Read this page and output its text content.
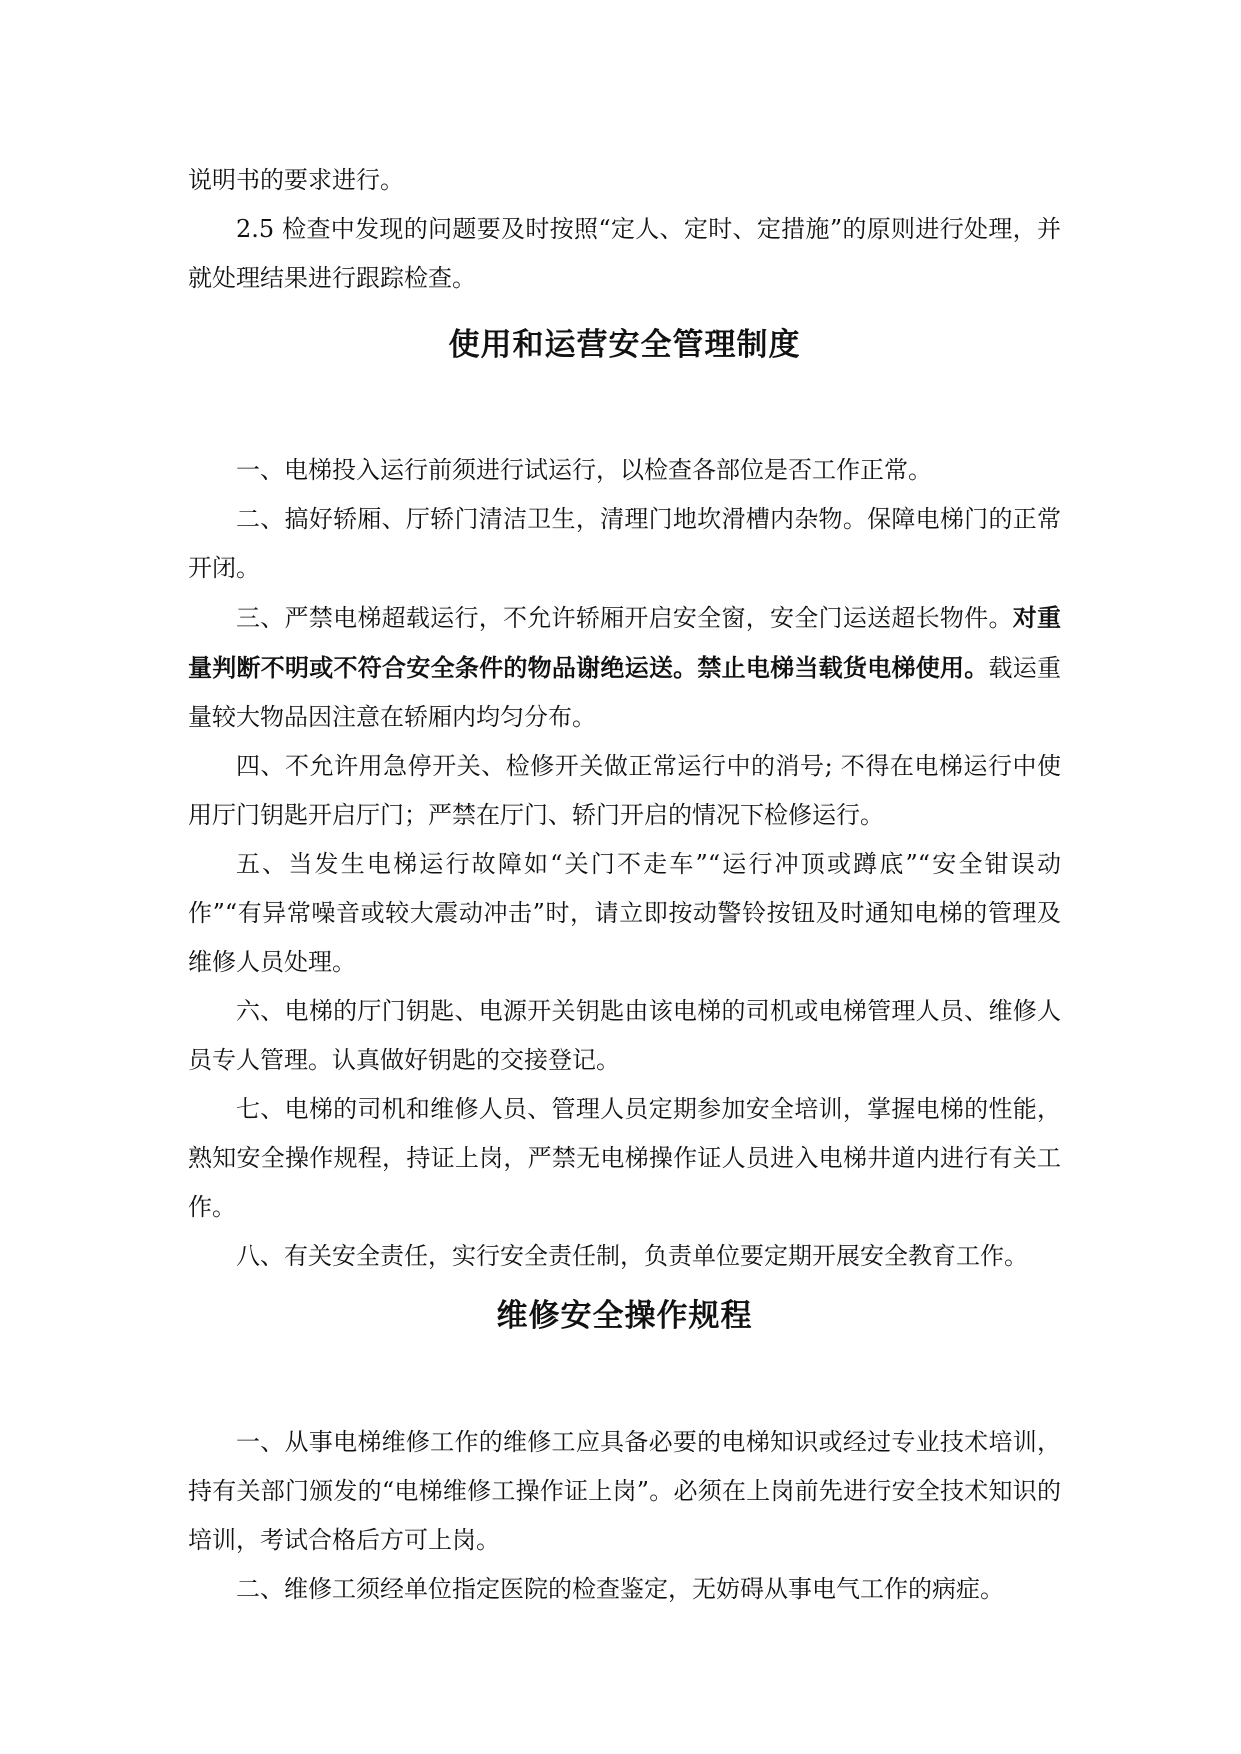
说明书的要求进行。

2.5 检查中发现的问题要及时按照“定人、定时、定措施”的原则进行处理，并就处理结果进行跟踪检查。

使用和运营安全管理制度

一、电梯投入运行前须进行试运行，以检查各部位是否工作正常。

二、搞好轿厢、厅轿门清洁卫生，清理门地坎滑槽内杂物。保障电梯门的正常开闭。

三、严禁电梯超载运行，不允许轿厢开启安全窗，安全门运送超长物件。对重量判断不明或不符合安全条件的物品谢绝运送。禁止电梯当载货电梯使用。载运重量较大物品因注意在轿厢内均匀分布。

四、不允许用急停开关、检修开关做正常运行中的消号; 不得在电梯运行中使用厅门钥匙开启厅门；严禁在厅门、轿门开启的情况下检修运行。

五、当发生电梯运行故障如“关门不走车”“运行冲顶或蹲底”“安全钳误动作”“有异常噪音或较大震动冲击”时，请立即按动警铃按钮及时通知电梯的管理及维修人员处理。

六、电梯的厅门钥匙、电源开关钥匙由该电梯的司机或电梯管理人员、维修人员专人管理。认真做好钥匙的交接登记。

七、电梯的司机和维修人员、管理人员定期参加安全培训，掌握电梯的性能，熟知安全操作规程，持证上岗，严禁无电梯操作证人员进入电梯井道内进行有关工作。

八、有关安全责任，实行安全责任制，负责单位要定期开展安全教育工作。

维修安全操作规程

一、从事电梯维修工作的维修工应具备必要的电梯知识或经过专业技术培训，持有关部门颁发的“电梯维修工操作证上岗”。必须在上岗前先进行安全技术知识的培训，考试合格后方可上岗。

二、维修工须经单位指定医院的检查鉴定，无妨碍从事电气工作的病症。
